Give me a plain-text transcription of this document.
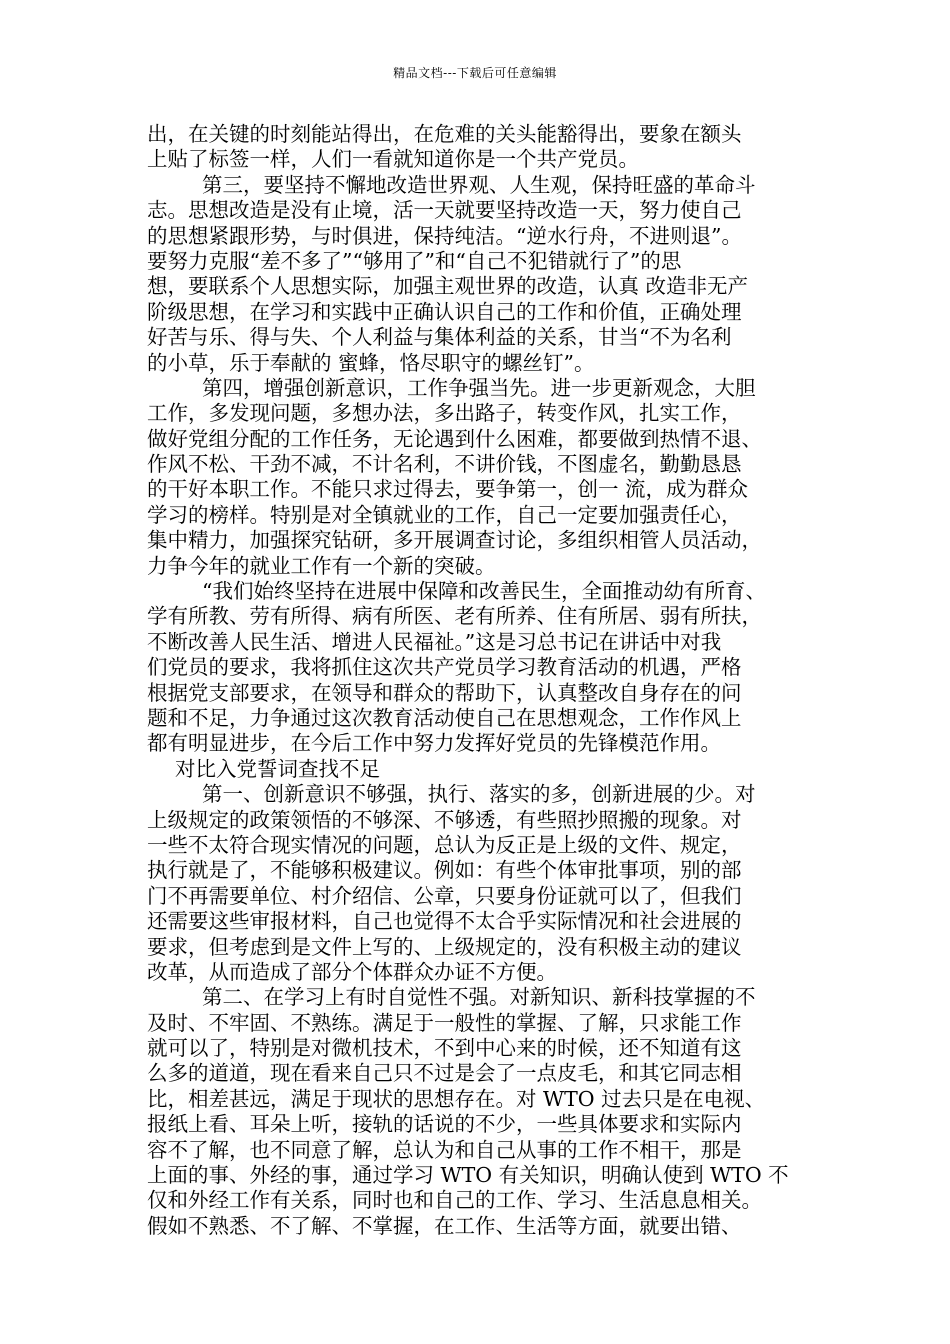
精品文档---下载后可任意编辑
出，在关键的时刻能站得出，在危难的关头能豁得出，要象在额头
上贴了标签一样，人们一看就知道你是一个共产党员。
第三，要坚持不懈地改造世界观、人生观，保持旺盛的革命斗
志。思想改造是没有止境，活一天就要坚持改造一天，努力使自己
的思想紧跟形势，与时俱进，保持纯洁。“逆水行舟，不进则退”。
要努力克服“差不多了”“够用了”和“自己不犯错就行了”的思
想，要联系个人思想实际，加强主观世界的改造，认真 改造非无产
阶级思想，在学习和实践中正确认识自己的工作和价值，正确处理
好苦与乐、得与失、个人利益与集体利益的关系，甘当“不为名利
的小草，乐于奉献的 蜜蜂，恪尽职守的螺丝钉”。
第四，增强创新意识，工作争强当先。进一步更新观念，大胆
工作，多发现问题，多想办法，多出路子，转变作风，扎实工作，
做好党组分配的工作任务，无论遇到什么困难，都要做到热情不退、
作风不松、干劲不减，不计名利，不讲价钱，不图虚名，勤勤恳恳
的干好本职工作。不能只求过得去，要争第一，创一 流，成为群众
学习的榜样。特别是对全镇就业的工作，自己一定要加强责任心，
集中精力，加强探究钻研，多开展调查讨论，多组织相管人员活动，
力争今年的就业工作有一个新的突破。
“我们始终坚持在进展中保障和改善民生，全面推动幼有所育、
学有所教、劳有所得、病有所医、老有所养、住有所居、弱有所扶，
不断改善人民生活、增进人民福祉。”这是习总书记在讲话中对我
们党员的要求，我将抓住这次共产党员学习教育活动的机遇，严格
根据党支部要求，在领导和群众的帮助下，认真整改自身存在的问
题和不足，力争通过这次教育活动使自己在思想观念，工作作风上
都有明显进步，在今后工作中努力发挥好党员的先锋模范作用。
对比入党誓词查找不足
第一、创新意识不够强，执行、落实的多，创新进展的少。对
上级规定的政策领悟的不够深、不够透，有些照抄照搬的现象。对
一些不太符合现实情况的问题，总认为反正是上级的文件、规定，
执行就是了，不能够积极建议。例如：有些个体审批事项，别的部
门不再需要单位、村介绍信、公章，只要身份证就可以了，但我们
还需要这些审报材料，自己也觉得不太合乎实际情况和社会进展的
要求，但考虑到是文件上写的、上级规定的，没有积极主动的建议
改革，从而造成了部分个体群众办证不方便。
第二、在学习上有时自觉性不强。对新知识、新科技掌握的不
及时、不牢固、不熟练。满足于一般性的掌握、了解，只求能工作
就可以了，特别是对微机技术，不到中心来的时候，还不知道有这
么多的道道，现在看来自己只不过是会了一点皮毛，和其它同志相
比，相差甚远，满足于现状的思想存在。对 WTO 过去只是在电视、
报纸上看、耳朵上听，接轨的话说的不少，一些具体要求和实际内
容不了解，也不同意了解，总认为和自己从事的工作不相干，那是
上面的事、外经的事，通过学习 WTO 有关知识，明确认使到 WTO 不
仅和外经工作有关系，同时也和自己的工作、学习、生活息息相关。
假如不熟悉、不了解、不掌握，在工作、生活等方面，就要出错、
